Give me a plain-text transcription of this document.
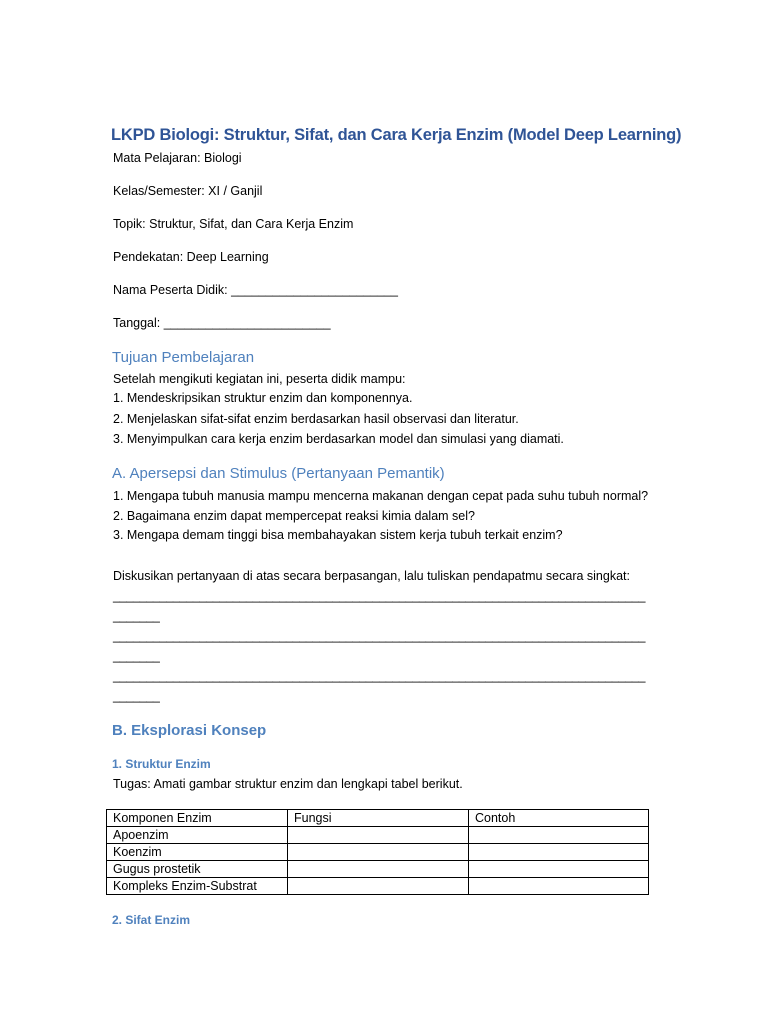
LKPD Biologi: Struktur, Sifat, dan Cara Kerja Enzim (Model Deep Learning)
Mata Pelajaran: Biologi
Kelas/Semester: XI / Ganjil
Topik: Struktur, Sifat, dan Cara Kerja Enzim
Pendekatan: Deep Learning
Nama Peserta Didik: ________________________
Tanggal: ________________________
Tujuan Pembelajaran
Setelah mengikuti kegiatan ini, peserta didik mampu:
1. Mendeskripsikan struktur enzim dan komponennya.
2. Menjelaskan sifat-sifat enzim berdasarkan hasil observasi dan literatur.
3. Menyimpulkan cara kerja enzim berdasarkan model dan simulasi yang diamati.
A. Apersepsi dan Stimulus (Pertanyaan Pemantik)
1. Mengapa tubuh manusia mampu mencerna makanan dengan cepat pada suhu tubuh normal?
2. Bagaimana enzim dapat mempercepat reaksi kimia dalam sel?
3. Mengapa demam tinggi bisa membahayakan sistem kerja tubuh terkait enzim?
Diskusikan pertanyaan di atas secara berpasangan, lalu tuliskan pendapatmu secara singkat:
________________________________________________________________________________
_______
________________________________________________________________________________
_______
________________________________________________________________________________
_______
B. Eksplorasi Konsep
1. Struktur Enzim
Tugas: Amati gambar struktur enzim dan lengkapi tabel berikut.
Komponen Enzim	Fungsi	Contoh
Apoenzim		
Koenzim		
Gugus prostetik		
Kompleks Enzim-Substrat		
2. Sifat Enzim
